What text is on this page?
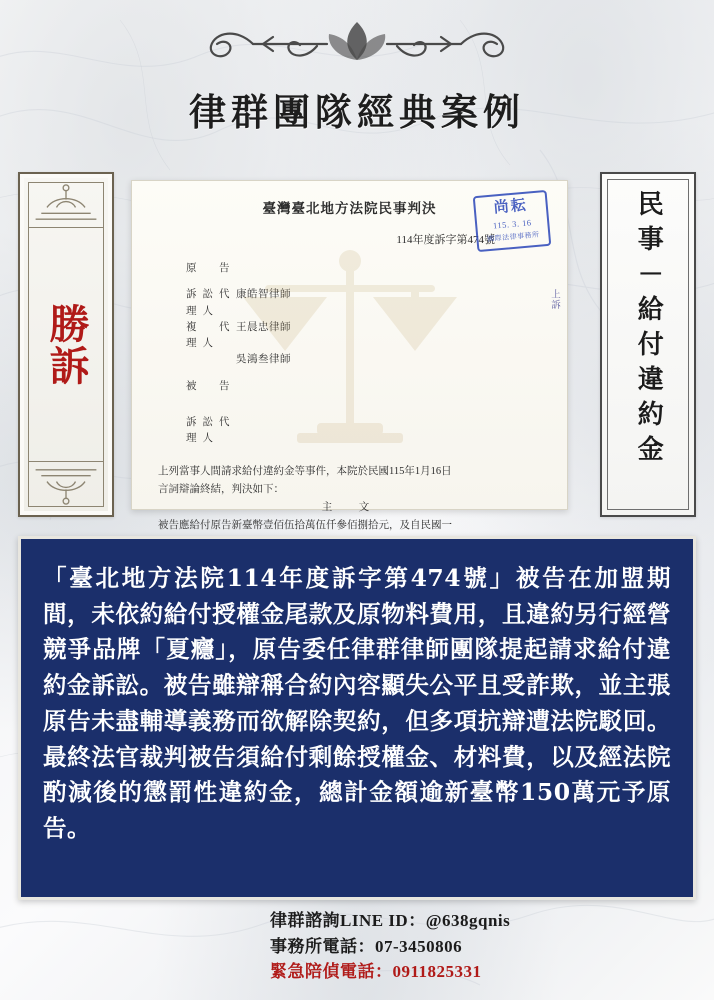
律群團隊經典案例
勝訴
臺灣臺北地方法院民事判決
114年度訴字第474號
原　告
訴訟代理人
康皓智律師
複　代理人
王晨忠律師
吳鴻叁律師
被　告
訴訟代理人

上列當事人間請求給付違約金等事件，本院於民國115年1月16日

言詞辯論終結，判決如下：

主　文

被告應給付原告新臺幣壹佰伍拾萬伍仟參佰捌拾元，及自民國一

尚耘
115. 3. 16
國際法律事務所
上訴	民事－給付違約金

「臺北地方法院114年度訴字第474號」被告在加盟期間，未依約給付授權金尾款及原物料費用，且違約另行經營競爭品牌「夏癮」，原告委任律群律師團隊提起請求給付違約金訴訟。被告雖辯稱合約內容顯失公平且受詐欺，並主張原告未盡輔導義務而欲解除契約，但多項抗辯遭法院駁回。最終法官裁判被告須給付剩餘授權金、材料費，以及經法院酌減後的懲罰性違約金，總計金額逾新臺幣150萬元予原告。

律群諮詢LINE ID：@638gqnis
事務所電話：07-3450806
緊急陪偵電話：0911825331
